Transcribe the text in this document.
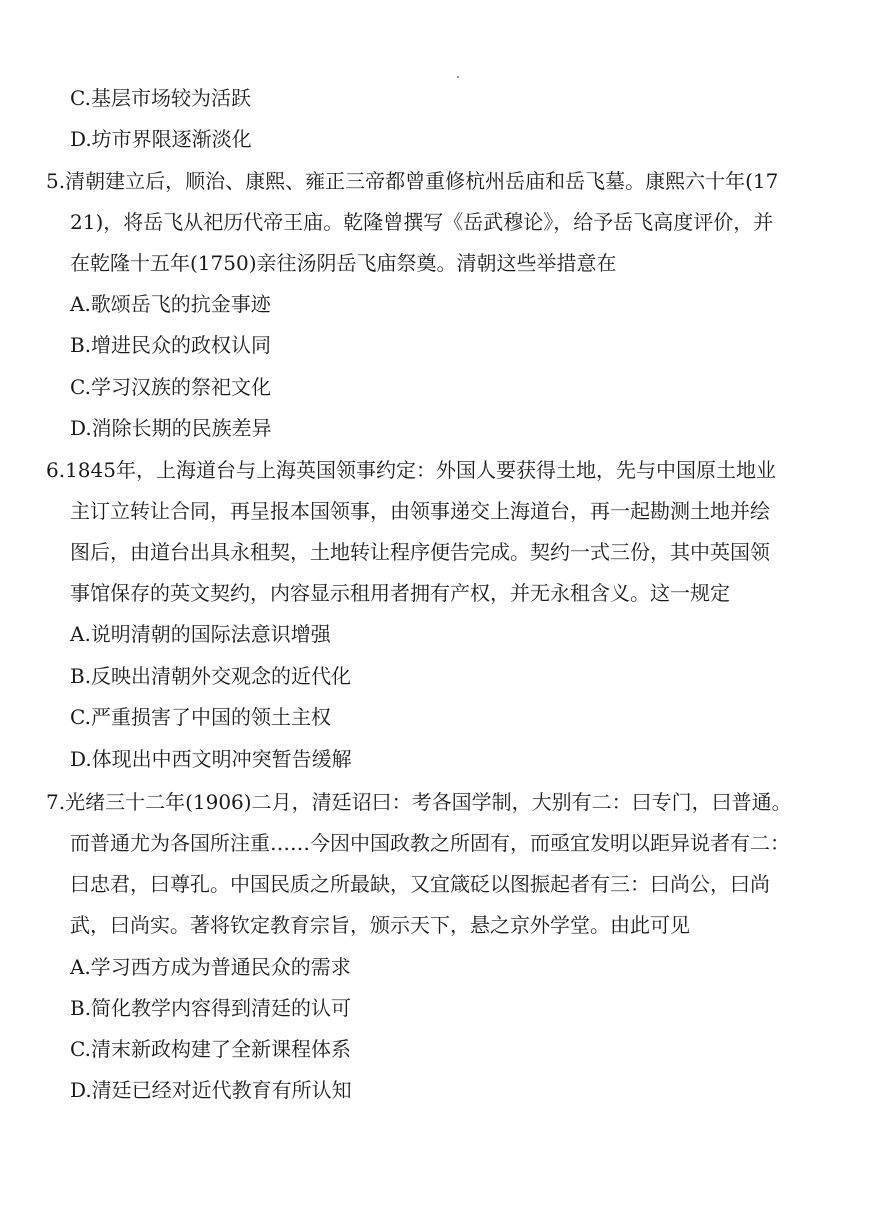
C.基层市场较为活跃
D.坊市界限逐渐淡化
5.清朝建立后，顺治、康熙、雍正三帝都曾重修杭州岳庙和岳飞墓。康熙六十年(17
21)，将岳飞从祀历代帝王庙。乾隆曾撰写《岳武穆论》，给予岳飞高度评价，并
在乾隆十五年(1750)亲往汤阴岳飞庙祭奠。清朝这些举措意在
A.歌颂岳飞的抗金事迹
B.增进民众的政权认同
C.学习汉族的祭祀文化
D.消除长期的民族差异
6.1845年，上海道台与上海英国领事约定：外国人要获得土地，先与中国原土地业
主订立转让合同，再呈报本国领事，由领事递交上海道台，再一起勘测土地并绘
图后，由道台出具永租契，土地转让程序便告完成。契约一式三份，其中英国领
事馆保存的英文契约，内容显示租用者拥有产权，并无永租含义。这一规定
A.说明清朝的国际法意识增强
B.反映出清朝外交观念的近代化
C.严重损害了中国的领土主权
D.体现出中西文明冲突暂告缓解
7.光绪三十二年(1906)二月，清廷诏曰：考各国学制，大别有二：曰专门，曰普通。
而普通尤为各国所注重……今因中国政教之所固有，而亟宜发明以距异说者有二：
曰忠君，曰尊孔。中国民质之所最缺，又宜箴砭以图振起者有三：曰尚公，曰尚
武，曰尚实。著将钦定教育宗旨，颁示天下，悬之京外学堂。由此可见
A.学习西方成为普通民众的需求
B.简化教学内容得到清廷的认可
C.清末新政构建了全新课程体系
D.清廷已经对近代教育有所认知
